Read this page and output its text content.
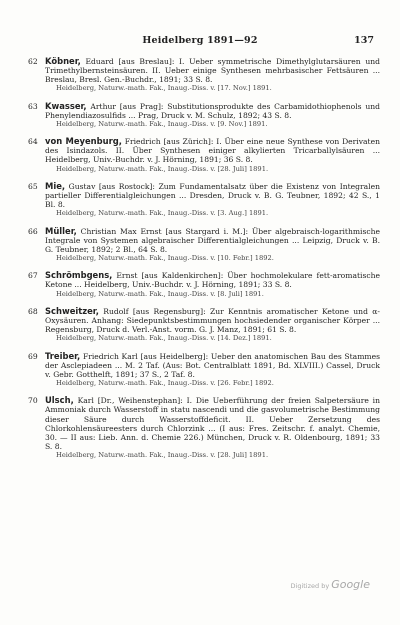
Heidelberg 1891—92	137
62 Köbner, Eduard [aus Breslau]: I. Ueber symmetrische Dimethylglutarsäuren und Trimethylbernsteinsäuren. II. Ueber einige Synthesen mehrbasischer Fettsäuren ... Breslau, Bresl. Gen.-Buchdr., 1891; 33 S. 8.
Heidelberg, Naturw.-math. Fak., Inaug.-Diss. v. [17. Nov.] 1891.
63 Kwasser, Arthur [aus Prag]: Substitutionsprodukte des Carbamidothiophenols und Phenylendiazosulfids ... Prag, Druck v. M. Schulz, 1892; 43 S. 8.
Heidelberg, Naturw.-math. Fak., Inaug.-Diss. v. [9. Nov.] 1891.
64 von Meyenburg, Friedrich [aus Zürich]: I. Über eine neue Synthese von Derivaten des Isindazols. II. Über Synthesen einiger alkylierten Tricarballylsäuren ... Heidelberg, Univ.-Buchdr. v. J. Hörning, 1891; 36 S. 8.
Heidelberg, Naturw.-math. Fak., Inaug.-Diss. v. [28. Juli] 1891.
65 Mie, Gustav [aus Rostock]: Zum Fundamentalsatz über die Existenz von Integralen partieller Differentialgleichungen ... Dresden, Druck v. B. G. Teubner, 1892; 42 S., 1 Bl. 8.
Heidelberg, Naturw.-math. Fak., Inaug.-Diss. v. [3. Aug.] 1891.
66 Müller, Christian Max Ernst [aus Stargard i. M.]: Über algebraisch-logarithmische Integrale von Systemen algebraischer Differentialgleichungen ... Leipzig, Druck v. B. G. Teubner, 1892; 2 Bl., 64 S. 8.
Heidelberg, Naturw.-math. Fak., Inaug.-Diss. v. [10. Febr.] 1892.
67 Schrömbgens, Ernst [aus Kaldenkirchen]: Über hochmolekulare fett-aromatische Ketone ... Heidelberg, Univ.-Buchdr. v. J. Hörning, 1891; 33 S. 8.
Heidelberg, Naturw.-math. Fak., Inaug.-Diss. v. [8. Juli] 1891.
68 Schweitzer, Rudolf [aus Regensburg]: Zur Kenntnis aromatischer Ketone und α-Oxysäuren. Anhang: Siedepunktsbestimmungen hochsiedender organischer Körper ... Regensburg, Druck d. Verl.-Anst. vorm. G. J. Manz, 1891; 61 S. 8.
Heidelberg, Naturw.-math. Fak., Inaug.-Diss. v. [14. Dez.] 1891.
69 Treiber, Friedrich Karl [aus Heidelberg]: Ueber den anatomischen Bau des Stammes der Asclepiadeen ... M. 2 Taf. (Aus: Bot. Centralblatt 1891, Bd. XLVIII.) Cassel, Druck v. Gebr. Gotthelft, 1891; 37 S., 2 Taf. 8.
Heidelberg, Naturw.-math. Fak., Inaug.-Diss. v. [26. Febr.] 1892.
70 Ulsch, Karl [Dr., Weihenstephan]: I. Die Ueberführung der freien Salpetersäure in Ammoniak durch Wasserstoff in statu nascendi und die gasvolumetrische Bestimmung dieser Säure durch Wasserstoffdeficit. II. Ueber Zersetzung des Chlorkohlensäureesters durch Chlorzink ... (I aus: Fres. Zeitschr. f. analyt. Chemie, 30. — II aus: Lieb. Ann. d. Chemie 226.) München, Druck v. R. Oldenbourg, 1891; 33 S. 8.
Heidelberg, Naturw.-math. Fak., Inaug.-Diss. v. [28. Juli] 1891.
Digitized by Google
